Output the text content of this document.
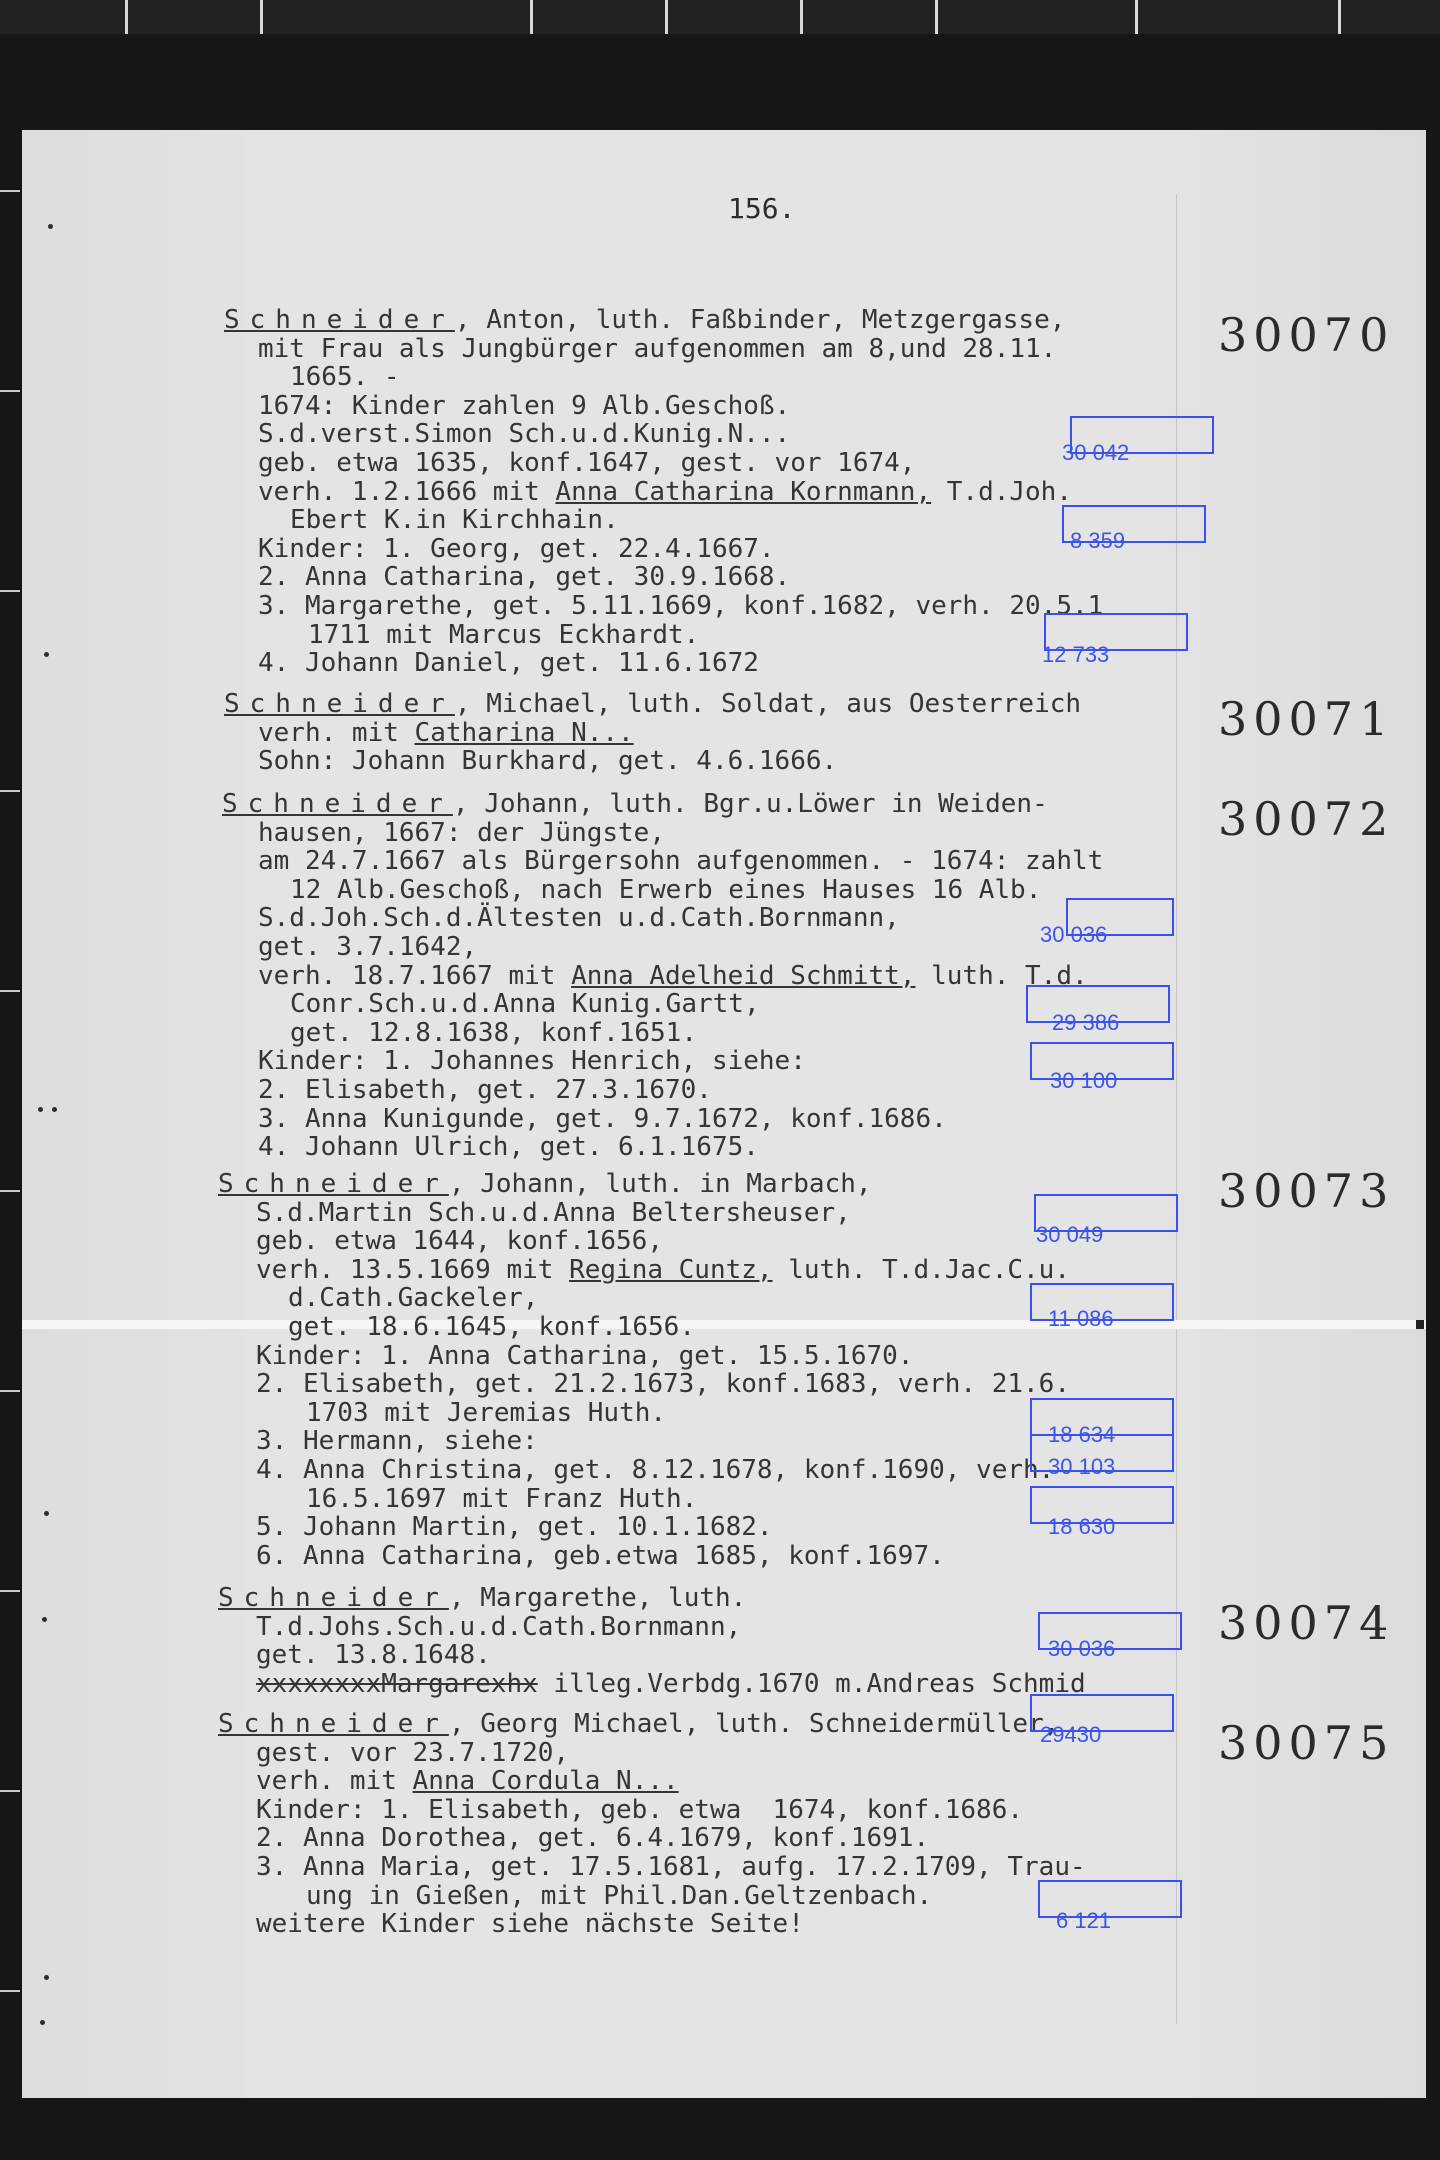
156.
Schneider, Anton, luth. Faßbinder, Metzgergasse,
mit Frau als Jungbürger aufgenommen am 8,und 28.11.
1665. -
1674: Kinder zahlen 9 Alb.Geschoß.
S.d.verst.Simon Sch.u.d.Kunig.N...
geb. etwa 1635, konf.1647, gest. vor 1674,
verh. 1.2.1666 mit Anna Catharina Kornmann, T.d.Joh.
Ebert K.in Kirchhain.
Kinder: 1. Georg, get. 22.4.1667.
2. Anna Catharina, get. 30.9.1668.
3. Margarethe, get. 5.11.1669, konf.1682, verh. 20.5.1
1711 mit Marcus Eckhardt.
4. Johann Daniel, get. 11.6.1672
30070
Schneider, Michael, luth. Soldat, aus Oesterreich
verh. mit Catharina N...
Sohn: Johann Burkhard, get. 4.6.1666.
30071
Schneider, Johann, luth. Bgr.u.Löwer in Weiden-
hausen, 1667: der Jüngste,
am 24.7.1667 als Bürgersohn aufgenommen. - 1674: zahlt
12 Alb.Geschoß, nach Erwerb eines Hauses 16 Alb.
S.d.Joh.Sch.d.Ältesten u.d.Cath.Bornmann,
get. 3.7.1642,
verh. 18.7.1667 mit Anna Adelheid Schmitt, luth. T.d.
Conr.Sch.u.d.Anna Kunig.Gartt,
get. 12.8.1638, konf.1651.
Kinder: 1. Johannes Henrich, siehe:
2. Elisabeth, get. 27.3.1670.
3. Anna Kunigunde, get. 9.7.1672, konf.1686.
4. Johann Ulrich, get. 6.1.1675.
30072
Schneider, Johann, luth. in Marbach,
S.d.Martin Sch.u.d.Anna Beltersheuser,
geb. etwa 1644, konf.1656,
verh. 13.5.1669 mit Regina Cuntz, luth. T.d.Jac.C.u.
d.Cath.Gackeler,
get. 18.6.1645, konf.1656.
Kinder: 1. Anna Catharina, get. 15.5.1670.
2. Elisabeth, get. 21.2.1673, konf.1683, verh. 21.6.
1703 mit Jeremias Huth.
3. Hermann, siehe:
4. Anna Christina, get. 8.12.1678, konf.1690, verh.
16.5.1697 mit Franz Huth.
5. Johann Martin, get. 10.1.1682.
6. Anna Catharina, geb.etwa 1685, konf.1697.
30073
Schneider, Margarethe, luth.
T.d.Johs.Sch.u.d.Cath.Bornmann,
get. 13.8.1648.
xxxxxxxxMargarexhx illeg.Verbdg.1670 m.Andreas Schmid
30074
Schneider, Georg Michael, luth. Schneidermüller,
gest. vor 23.7.1720,
verh. mit Anna Cordula N...
Kinder: 1. Elisabeth, geb. etwa  1674, konf.1686.
2. Anna Dorothea, get. 6.4.1679, konf.1691.
3. Anna Maria, get. 17.5.1681, aufg. 17.2.1709, Trau-
ung in Gießen, mit Phil.Dan.Geltzenbach.
weitere Kinder siehe nächste Seite!
30075
30 042
8 359
12 733
30 036
29 386
30 100
30 049
11 086
18 634
30 103
18 630
30 036
29430
6 121
